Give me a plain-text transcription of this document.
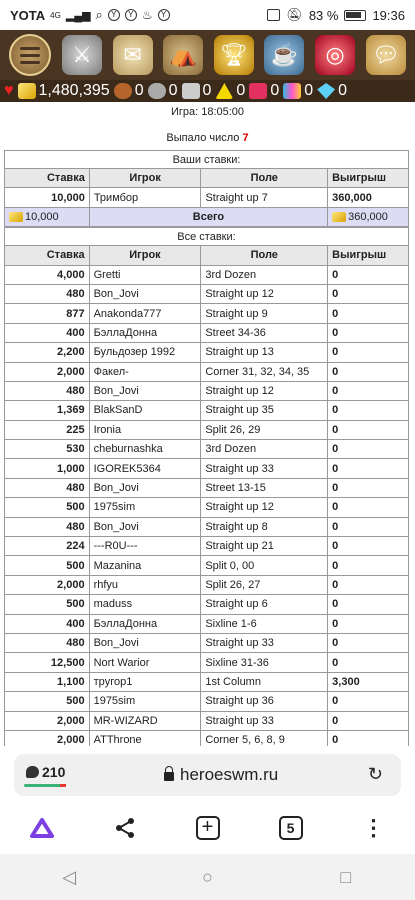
YOTA 4G ▂▄▆ ⌕	Y	Y ♨	Y	🔕︎ 83 %	19:36
⚔	✉	⛺ 🏆︎ ☕	◎	💬︎
♥ 1,480,395 0 0 0 0 0 0 0
Игра: 18:05:00
Выпало число 7
Ваши ставки:
Ставка	Игрок	Поле	Выигрыш
10,000	Тримбор	Straight up 7	360,000
10,000	Всего		360,000
Все ставки:
Ставка	Игрок	Поле	Выигрыш
4,000	Gretti	3rd Dozen	0
480	Bon_Jovi	Straight up 12	0
877	Anakonda777	Straight up 9	0
400	БэллаДонна	Street 34-36	0
2,200	Бульдозер 1992	Straight up 13	0
2,000	Факел-	Corner 31, 32, 34, 35	0
480	Bon_Jovi	Straight up 12	0
1,369	BlakSanD	Straight up 35	0
225	Ironia	Split 26, 29	0
530	cheburnashka	3rd Dozen	0
1,000	IGOREK5364	Straight up 33	0
480	Bon_Jovi	Street 13-15	0
500	1975sim	Straight up 12	0
480	Bon_Jovi	Straight up 8	0
224	---R0U---	Straight up 21	0
500	Mazanina	Split 0, 00	0
2,000	rhfyu	Split 26, 27	0
500	maduss	Straight up 6	0
400	БэллаДонна	Sixline 1-6	0
480	Bon_Jovi	Straight up 33	0
12,500	Nort Warior	Sixline 31-36	0
1,100	трyгор1	1st Column	3,300
500	1975sim	Straight up 36	0
2,000	MR-WIZARD	Straight up 33	0
2,000	ATThrone	Corner 5, 6, 8, 9	0
210	heroeswm.ru	↻
+	5	⋮
◁	○	□
